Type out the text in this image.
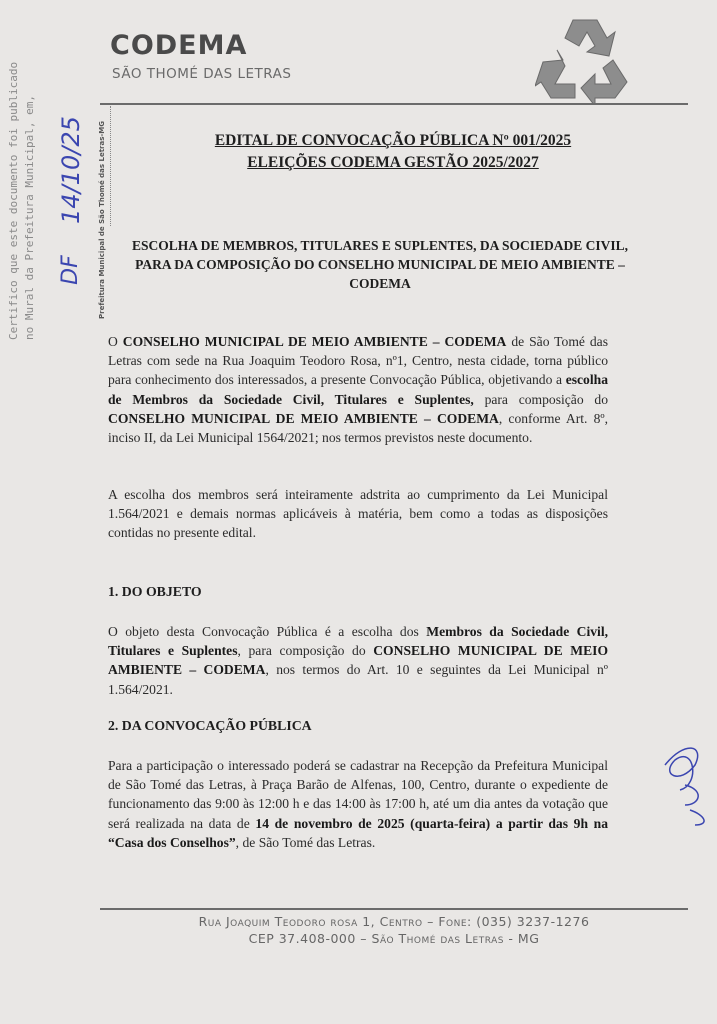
CODEMA
SÃO THOMÉ DAS LETRAS
Certifico que este documento foi publicado no Mural da Prefeitura Municipal, em, 14/10/25
DF	Prefeitura Municipal de São Thomé das Letras-MG	EDITAL DE CONVOCAÇÃO PÚBLICA Nº 001/2025
ELEIÇÕES CODEMA GESTÃO 2025/2027
ESCOLHA DE MEMBROS, TITULARES E SUPLENTES, DA SOCIEDADE CIVIL, PARA DA COMPOSIÇÃO DO CONSELHO MUNICIPAL DE MEIO AMBIENTE – CODEMA
O CONSELHO MUNICIPAL DE MEIO AMBIENTE – CODEMA de São Tomé das Letras com sede na Rua Joaquim Teodoro Rosa, nº1, Centro, nesta cidade, torna público para conhecimento dos interessados, a presente Convocação Pública, objetivando a escolha de Membros da Sociedade Civil, Titulares e Suplentes, para composição do CONSELHO MUNICIPAL DE MEIO AMBIENTE – CODEMA, conforme Art. 8º, inciso II, da Lei Municipal 1564/2021; nos termos previstos neste documento.
A escolha dos membros será inteiramente adstrita ao cumprimento da Lei Municipal 1.564/2021 e demais normas aplicáveis à matéria, bem como a todas as disposições contidas no presente edital.
1. DO OBJETO
O objeto desta Convocação Pública é a escolha dos Membros da Sociedade Civil, Titulares e Suplentes, para composição do CONSELHO MUNICIPAL DE MEIO AMBIENTE – CODEMA, nos termos do Art. 10 e seguintes da Lei Municipal nº 1.564/2021.
2. DA CONVOCAÇÃO PÚBLICA
Para a participação o interessado poderá se cadastrar na Recepção da Prefeitura Municipal de São Tomé das Letras, à Praça Barão de Alfenas, 100, Centro, durante o expediente de funcionamento das 9:00 às 12:00 h e das 14:00 às 17:00 h, até um dia antes da votação que será realizada na data de 14 de novembro de 2025 (quarta-feira) a partir das 9h na “Casa dos Conselhos”, de São Tomé das Letras.
Rua Joaquim Teodoro rosa 1, Centro – Fone: (035) 3237-1276
CEP 37.408-000 – São Thomé das Letras - MG
